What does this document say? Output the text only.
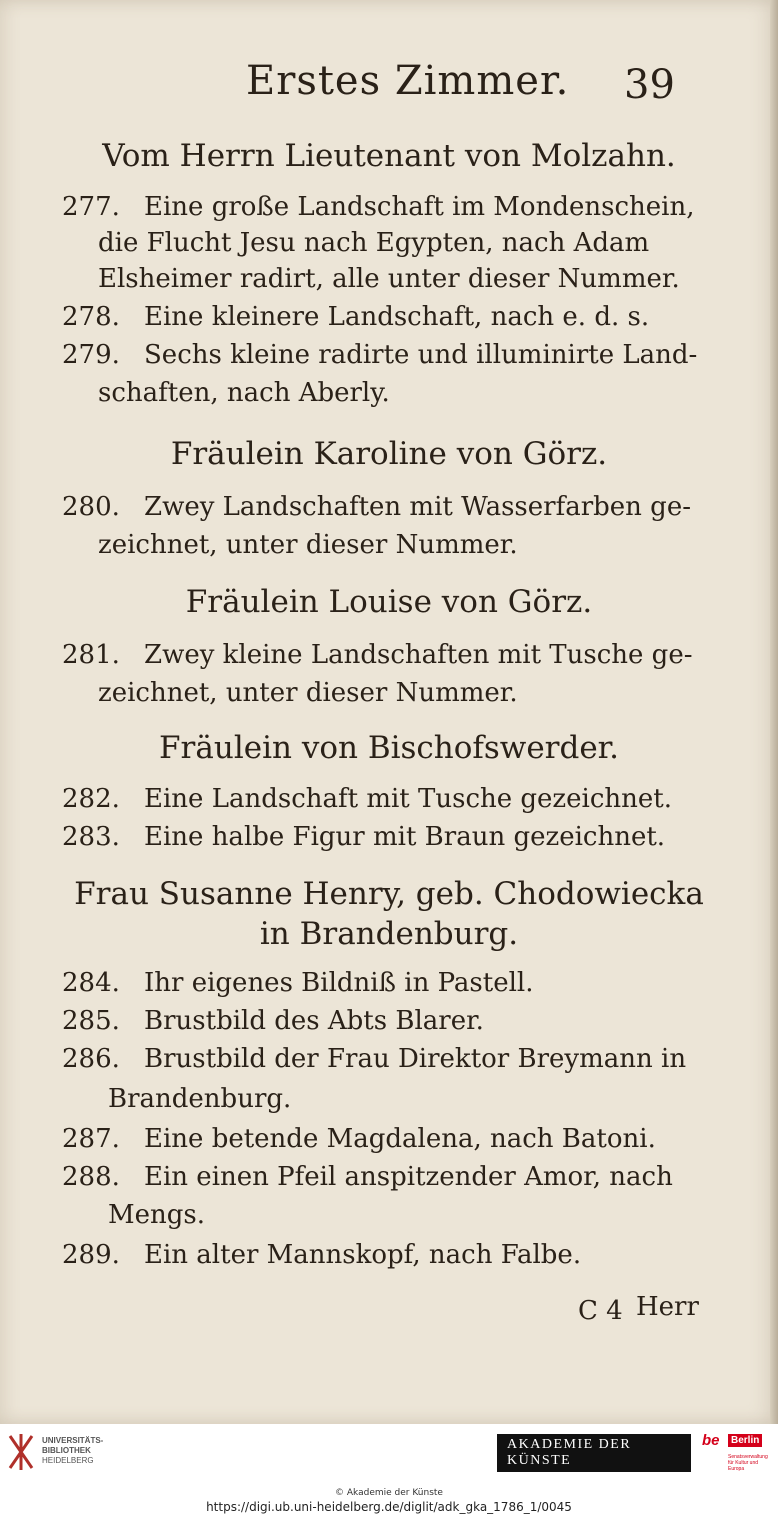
Erstes Zimmer. 39
Vom Herrn Lieutenant von Molzahn.
277. Eine große Landschaft im Mondenschein,
die Flucht Jesu nach Egypten, nach Adam
Elsheimer radirt, alle unter dieser Nummer.
278. Eine kleinere Landschaft, nach e. d. s.
279. Sechs kleine radirte und illuminirte Land-
schaften, nach Aberly.
Fräulein Karoline von Görz.
280. Zwey Landschaften mit Wasserfarben ge-
zeichnet, unter dieser Nummer.
Fräulein Louise von Görz.
281. Zwey kleine Landschaften mit Tusche ge-
zeichnet, unter dieser Nummer.
Fräulein von Bischofswerder.
282. Eine Landschaft mit Tusche gezeichnet.
283. Eine halbe Figur mit Braun gezeichnet.
Frau Susanne Henry, geb. Chodowiecka
in Brandenburg.
284. Ihr eigenes Bildniß in Pastell.
285. Brustbild des Abts Blarer.
286. Brustbild der Frau Direktor Breymann in
Brandenburg.
287. Eine betende Magdalena, nach Batoni.
288. Ein einen Pfeil anspitzender Amor, nach
Mengs.
289. Ein alter Mannskopf, nach Falbe.
C 4 Herr
UNIVERSITÄTS-
BIBLIOTHEK
HEIDELBERG
AKADEMIE DER KÜNSTE
be	Berlin
Senatsverwaltung
für Kultur und Europa
© Akademie der Künste
https://digi.ub.uni-heidelberg.de/diglit/adk_gka_1786_1/0045
